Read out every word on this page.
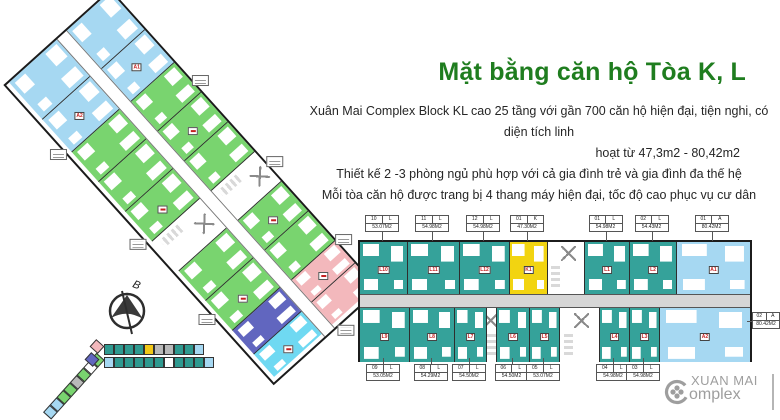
A1
A2
Mặt bằng căn hộ Tòa K, L
Xuân Mai Complex Block KL cao 25 tầng với gần 700 căn hộ hiện đại, tiện nghi, có diện tích linh
hoạt từ 47,3m2 - 80,42m2
Thiết kế 2 -3 phòng ngủ phù hợp với cả gia đình trẻ và gia đình đa thế hệ
Mỗi tòa căn hộ được trang bị 4 thang máy hiện đại, tốc độ cao phục vụ cư dân
10	L
53.07M2
11	L
54.98M2
12	L
54.98M2
01	K
47.30M2
01	L
54.98M2
02	L
54.43M2
01	A
80.42M2
L10	L11	L12	K1	L1	L2	A1
L9	L8	L7	L6	L5	L4	L3	A2
09	L
53.05M2
08	L
54.29M2
07	L
54.50M2
06	L
54.50M2
05	L
53.07M2
04	L
54.98M2
03	L
54.98M2
02	A
80.42M2
B
XUAN MAI
omplex
